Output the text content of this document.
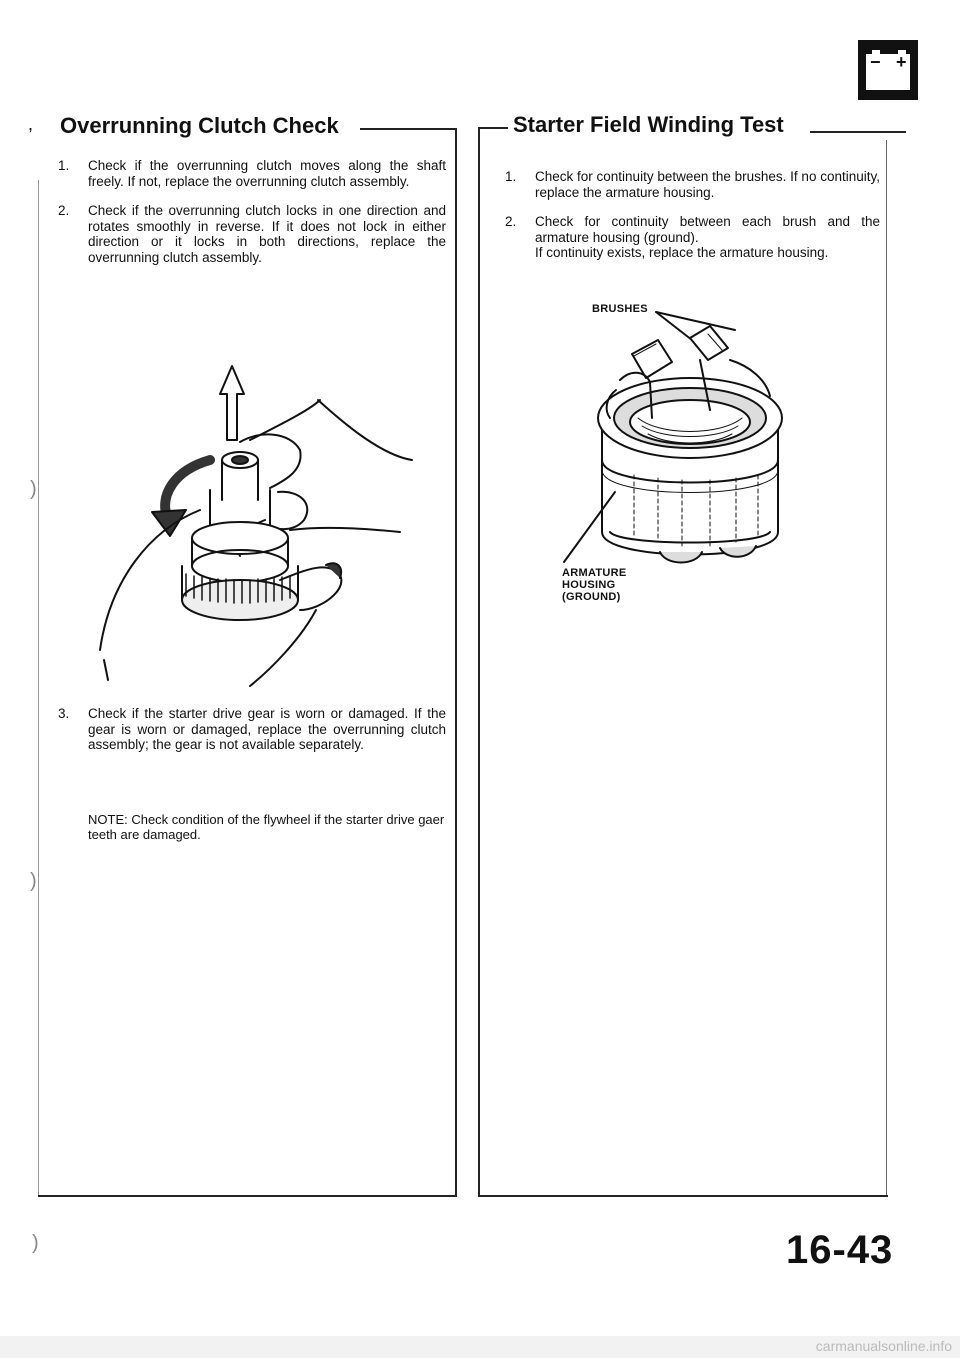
− +
, Overrunning Clutch Check
1. Check if the overrunning clutch moves along the shaft freely. If not, replace the overrunning clutch assembly.
2. Check if the overrunning clutch locks in one direction and rotates smoothly in reverse. If it does not lock in either direction or it locks in both directions, replace the overrunning clutch assembly.
3. Check if the starter drive gear is worn or damaged. If the gear is worn or damaged, replace the overrunning clutch assembly; the gear is not available separately.

NOTE: Check condition of the flywheel if the starter drive gaer teeth are damaged.

Starter Field Winding Test
1. Check for continuity between the brushes. If no continuity, replace the armature housing.
2. Check for continuity between each brush and the armature housing (ground).
If continuity exists, replace the armature housing.
BRUSHES
ARMATURE
HOUSING
(GROUND)
)
)
)	16-43
carmanualsonline.info
